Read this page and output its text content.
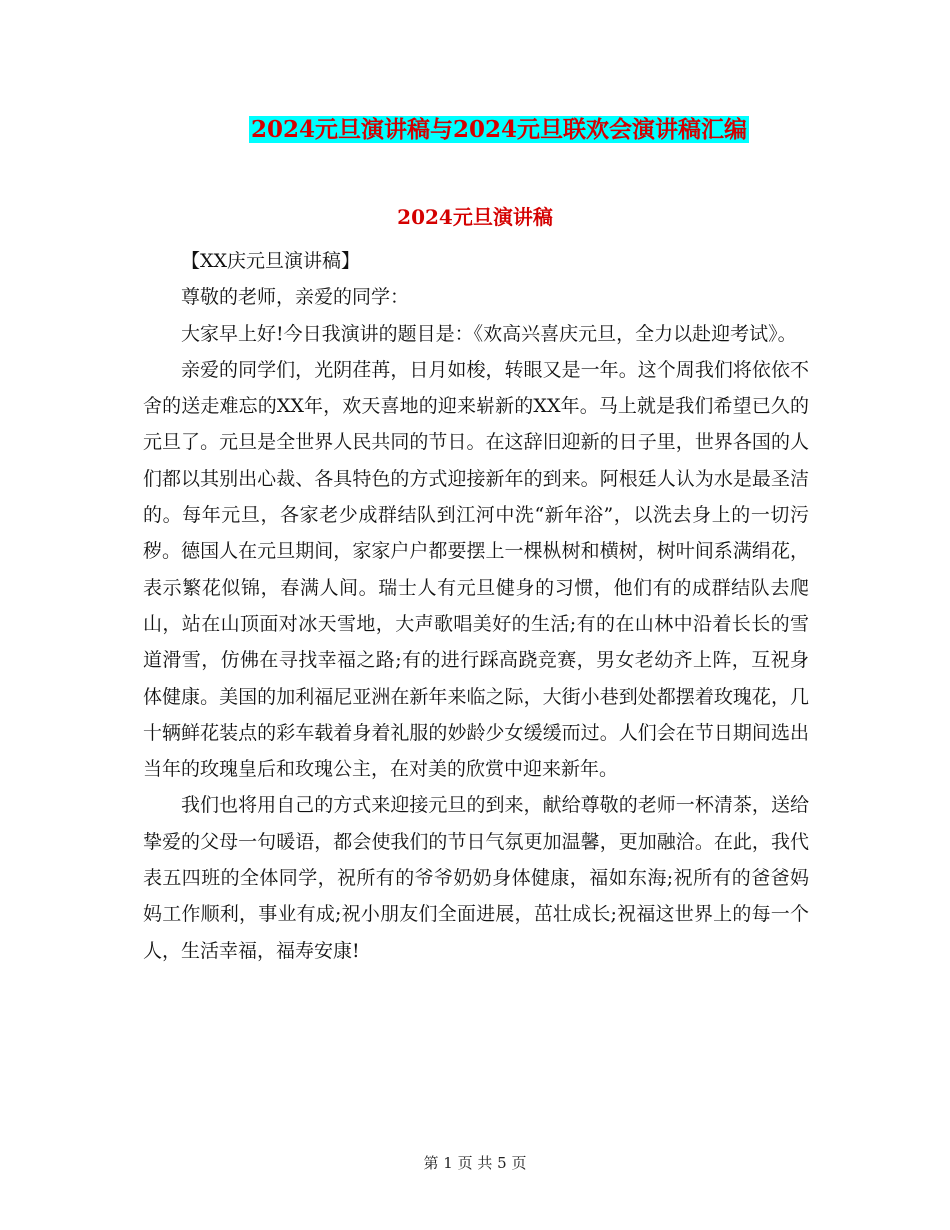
2024元旦演讲稿与2024元旦联欢会演讲稿汇编
2024元旦演讲稿

【XX庆元旦演讲稿】

尊敬的老师，亲爱的同学：

大家早上好!今日我演讲的题目是：《欢高兴喜庆元旦，全力以赴迎考试》。

亲爱的同学们，光阴荏苒，日月如梭，转眼又是一年。这个周我们将依依不舍的送走难忘的XX年，欢天喜地的迎来崭新的XX年。马上就是我们希望已久的元旦了。元旦是全世界人民共同的节日。在这辞旧迎新的日子里，世界各国的人们都以其别出心裁、各具特色的方式迎接新年的到来。阿根廷人认为水是最圣洁的。每年元旦，各家老少成群结队到江河中洗“新年浴”，以洗去身上的一切污秽。德国人在元旦期间，家家户户都要摆上一棵枞树和横树，树叶间系满绢花，表示繁花似锦，春满人间。瑞士人有元旦健身的习惯，他们有的成群结队去爬山，站在山顶面对冰天雪地，大声歌唱美好的生活;有的在山林中沿着长长的雪道滑雪，仿佛在寻找幸福之路;有的进行踩高跷竞赛，男女老幼齐上阵，互祝身体健康。美国的加利福尼亚洲在新年来临之际，大街小巷到处都摆着玫瑰花，几十辆鲜花装点的彩车载着身着礼服的妙龄少女缓缓而过。人们会在节日期间选出当年的玫瑰皇后和玫瑰公主，在对美的欣赏中迎来新年。

我们也将用自己的方式来迎接元旦的到来，献给尊敬的老师一杯清茶，送给挚爱的父母一句暖语，都会使我们的节日气氛更加温馨，更加融洽。在此，我代表五四班的全体同学，祝所有的爷爷奶奶身体健康，福如东海;祝所有的爸爸妈妈工作顺利，事业有成;祝小朋友们全面进展，茁壮成长;祝福这世界上的每一个人，生活幸福，福寿安康!

第 1 页 共 5 页
